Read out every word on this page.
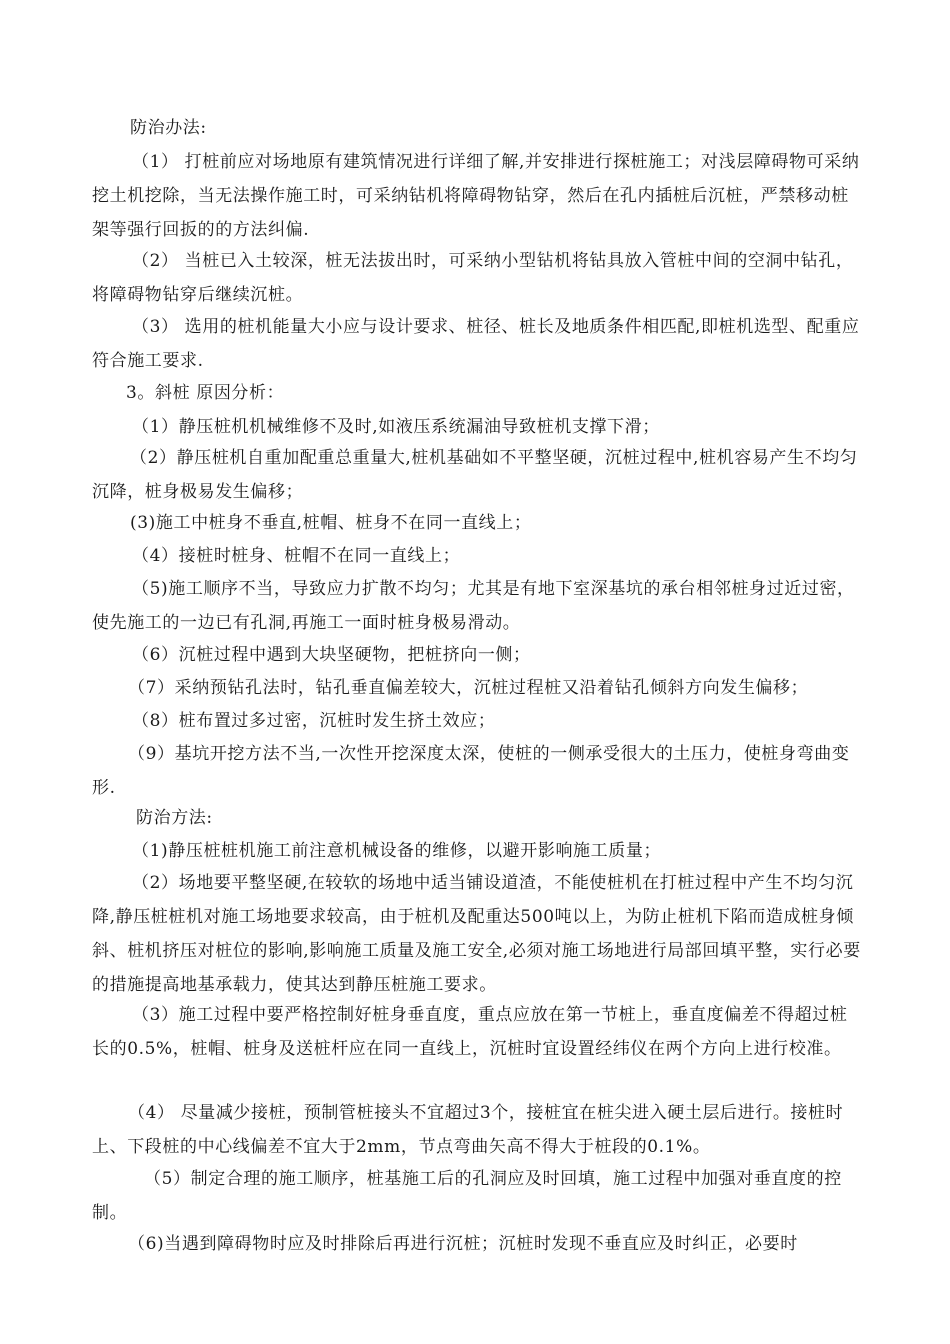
防治办法:

（1） 打桩前应对场地原有建筑情况进行详细了解,并安排进行探桩施工；对浅层障碍物可采纳挖土机挖除，当无法操作施工时，可采纳钻机将障碍物钻穿，然后在孔内插桩后沉桩，严禁移动桩架等强行回扳的的方法纠偏.

（2） 当桩已入土较深，桩无法拔出时，可采纳小型钻机将钻具放入管桩中间的空洞中钻孔，将障碍物钻穿后继续沉桩。

（3） 选用的桩机能量大小应与设计要求、桩径、桩长及地质条件相匹配,即桩机选型、配重应符合施工要求.

3。斜桩 原因分析：

（1）静压桩机机械维修不及时,如液压系统漏油导致桩机支撑下滑；

（2）静压桩机自重加配重总重量大,桩机基础如不平整坚硬，沉桩过程中,桩机容易产生不均匀沉降，桩身极易发生偏移；

(3)施工中桩身不垂直,桩帽、桩身不在同一直线上；

（4）接桩时桩身、桩帽不在同一直线上；

（5)施工顺序不当，导致应力扩散不均匀；尤其是有地下室深基坑的承台相邻桩身过近过密，使先施工的一边已有孔洞,再施工一面时桩身极易滑动。

（6）沉桩过程中遇到大块坚硬物，把桩挤向一侧；

（7）采纳预钻孔法时，钻孔垂直偏差较大，沉桩过程桩又沿着钻孔倾斜方向发生偏移；

（8）桩布置过多过密，沉桩时发生挤土效应；

（9）基坑开挖方法不当,一次性开挖深度太深，使桩的一侧承受很大的土压力，使桩身弯曲变形.

防治方法:

（1)静压桩桩机施工前注意机械设备的维修，以避开影响施工质量；

（2）场地要平整坚硬,在较软的场地中适当铺设道渣，不能使桩机在打桩过程中产生不均匀沉降,静压桩桩机对施工场地要求较高，由于桩机及配重达500吨以上，为防止桩机下陷而造成桩身倾斜、桩机挤压对桩位的影响,影响施工质量及施工安全,必须对施工场地进行局部回填平整，实行必要的措施提高地基承载力，使其达到静压桩施工要求。

（3）施工过程中要严格控制好桩身垂直度，重点应放在第一节桩上，垂直度偏差不得超过桩长的0.5%，桩帽、桩身及送桩杆应在同一直线上，沉桩时宜设置经纬仪在两个方向上进行校准。

（4） 尽量减少接桩，预制管桩接头不宜超过3个，接桩宜在桩尖进入硬土层后进行。接桩时上、下段桩的中心线偏差不宜大于2mm，节点弯曲矢高不得大于桩段的0.1%。

（5）制定合理的施工顺序，桩基施工后的孔洞应及时回填，施工过程中加强对垂直度的控制。

（6)当遇到障碍物时应及时排除后再进行沉桩；沉桩时发现不垂直应及时纠正，必要时
